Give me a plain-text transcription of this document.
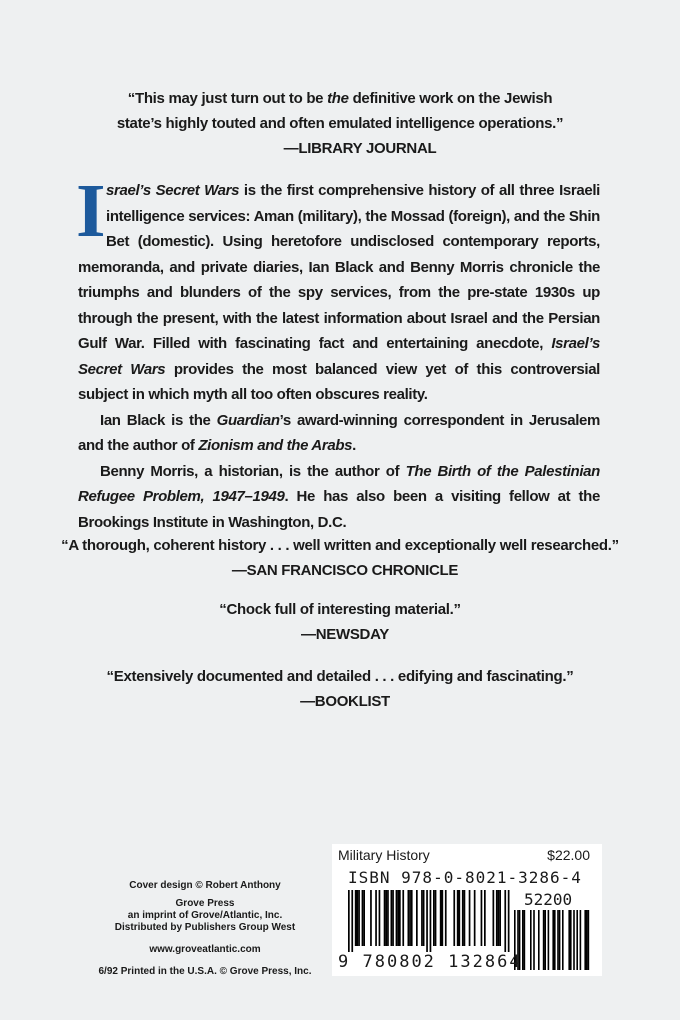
“This may just turn out to be the definitive work on the Jewish
state’s highly touted and often emulated intelligence operations.”
—LIBRARY JOURNAL

Israel’s Secret Wars is the first comprehensive history of all three Israeli intelligence services: Aman (military), the Mossad (foreign), and the Shin Bet (domestic). Using heretofore undisclosed contemporary reports, memoranda, and private diaries, Ian Black and Benny Morris chronicle the triumphs and blunders of the spy services, from the pre-state 1930s up through the present, with the latest information about Israel and the Persian Gulf War. Filled with fascinating fact and entertaining anecdote, Israel’s Secret Wars provides the most balanced view yet of this controversial subject in which myth all too often obscures reality.

Ian Black is the Guardian’s award-winning correspondent in Jerusalem and the author of Zionism and the Arabs.

Benny Morris, a historian, is the author of The Birth of the Palestinian Refugee Problem, 1947–1949. He has also been a visiting fellow at the Brookings Institute in Washington, D.C.

“A thorough, coherent history . . . well written and exceptionally well researched.”
—SAN FRANCISCO CHRONICLE
“Chock full of interesting material.”
—NEWSDAY
“Extensively documented and detailed . . . edifying and fascinating.”
—BOOKLIST
Cover design © Robert Anthony
Grove Press
an imprint of Grove/Atlantic, Inc.
Distributed by Publishers Group West
www.groveatlantic.com
6/92 Printed in the U.S.A. © Grove Press, Inc.
Military History	$22.00
ISBN 978-0-8021-3286-4
52200
9 780802 132864
